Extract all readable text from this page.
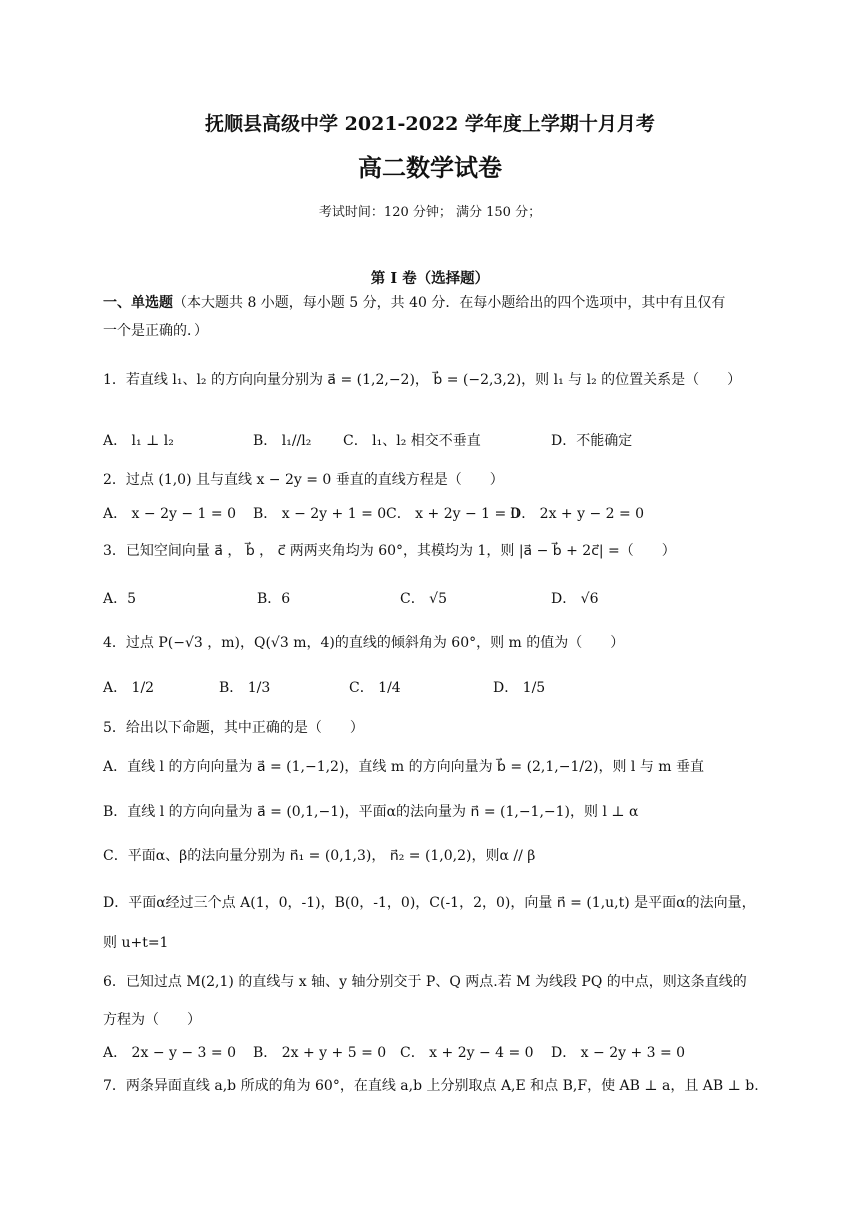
抚顺县高级中学 2021-2022 学年度上学期十月月考
高二数学试卷
考试时间：120 分钟； 满分 150 分；
第 I 卷（选择题）
一、单选题（本大题共 8 小题，每小题 5 分，共 40 分．在每小题给出的四个选项中，其中有且仅有
一个是正确的．）
1．若直线 l₁、l₂ 的方向向量分别为 a⃗ = (1,2,−2)， b⃗ = (−2,3,2)，则 l₁ 与 l₂ 的位置关系是（　　）
A． l₁ ⊥ l₂	B． l₁//l₂ C． l₁、l₂ 相交不垂直	D．不能确定
2．过点 (1,0) 且与直线 x − 2y = 0 垂直的直线方程是（　　）
A． x − 2y − 1 = 0 B． x − 2y + 1 = 0 C． x + 2y − 1 = 0
D． 2x + y − 2 = 0
3．已知空间向量 a⃗ ， b⃗ ， c⃗ 两两夹角均为 60°，其模均为 1，则 |a⃗ − b⃗ + 2c⃗| =（　　）
A．5	B．6	C． √5	D． √6
4．过点 P(−√3 ，m)，Q(√3 m，4)的直线的倾斜角为 60°，则 m 的值为（　　）
A． 1/2	B． 1/3	C． 1/4	D． 1/5
5．给出以下命题，其中正确的是（　　）
A．直线 l 的方向向量为 a⃗ = (1,−1,2)，直线 m 的方向向量为 b⃗ = (2,1,−1/2)，则 l 与 m 垂直
B．直线 l 的方向向量为 a⃗ = (0,1,−1)，平面α的法向量为 n⃗ = (1,−1,−1)，则 l ⊥ α
C．平面α、β的法向量分别为 n⃗₁ = (0,1,3)， n⃗₂ = (1,0,2)，则α // β
D．平面α经过三个点 A(1，0，-1)，B(0，-1，0)，C(-1，2，0)，向量 n⃗ = (1,u,t) 是平面α的法向量，
则 u+t=1
6．已知过点 M(2,1) 的直线与 x 轴、y 轴分别交于 P、Q 两点.若 M 为线段 PQ 的中点，则这条直线的
方程为（　　）
A． 2x − y − 3 = 0 B． 2x + y + 5 = 0 C． x + 2y − 4 = 0 D． x − 2y + 3 = 0
7．两条异面直线 a,b 所成的角为 60°，在直线 a,b 上分别取点 A,E 和点 B,F，使 AB ⊥ a，且 AB ⊥ b.
